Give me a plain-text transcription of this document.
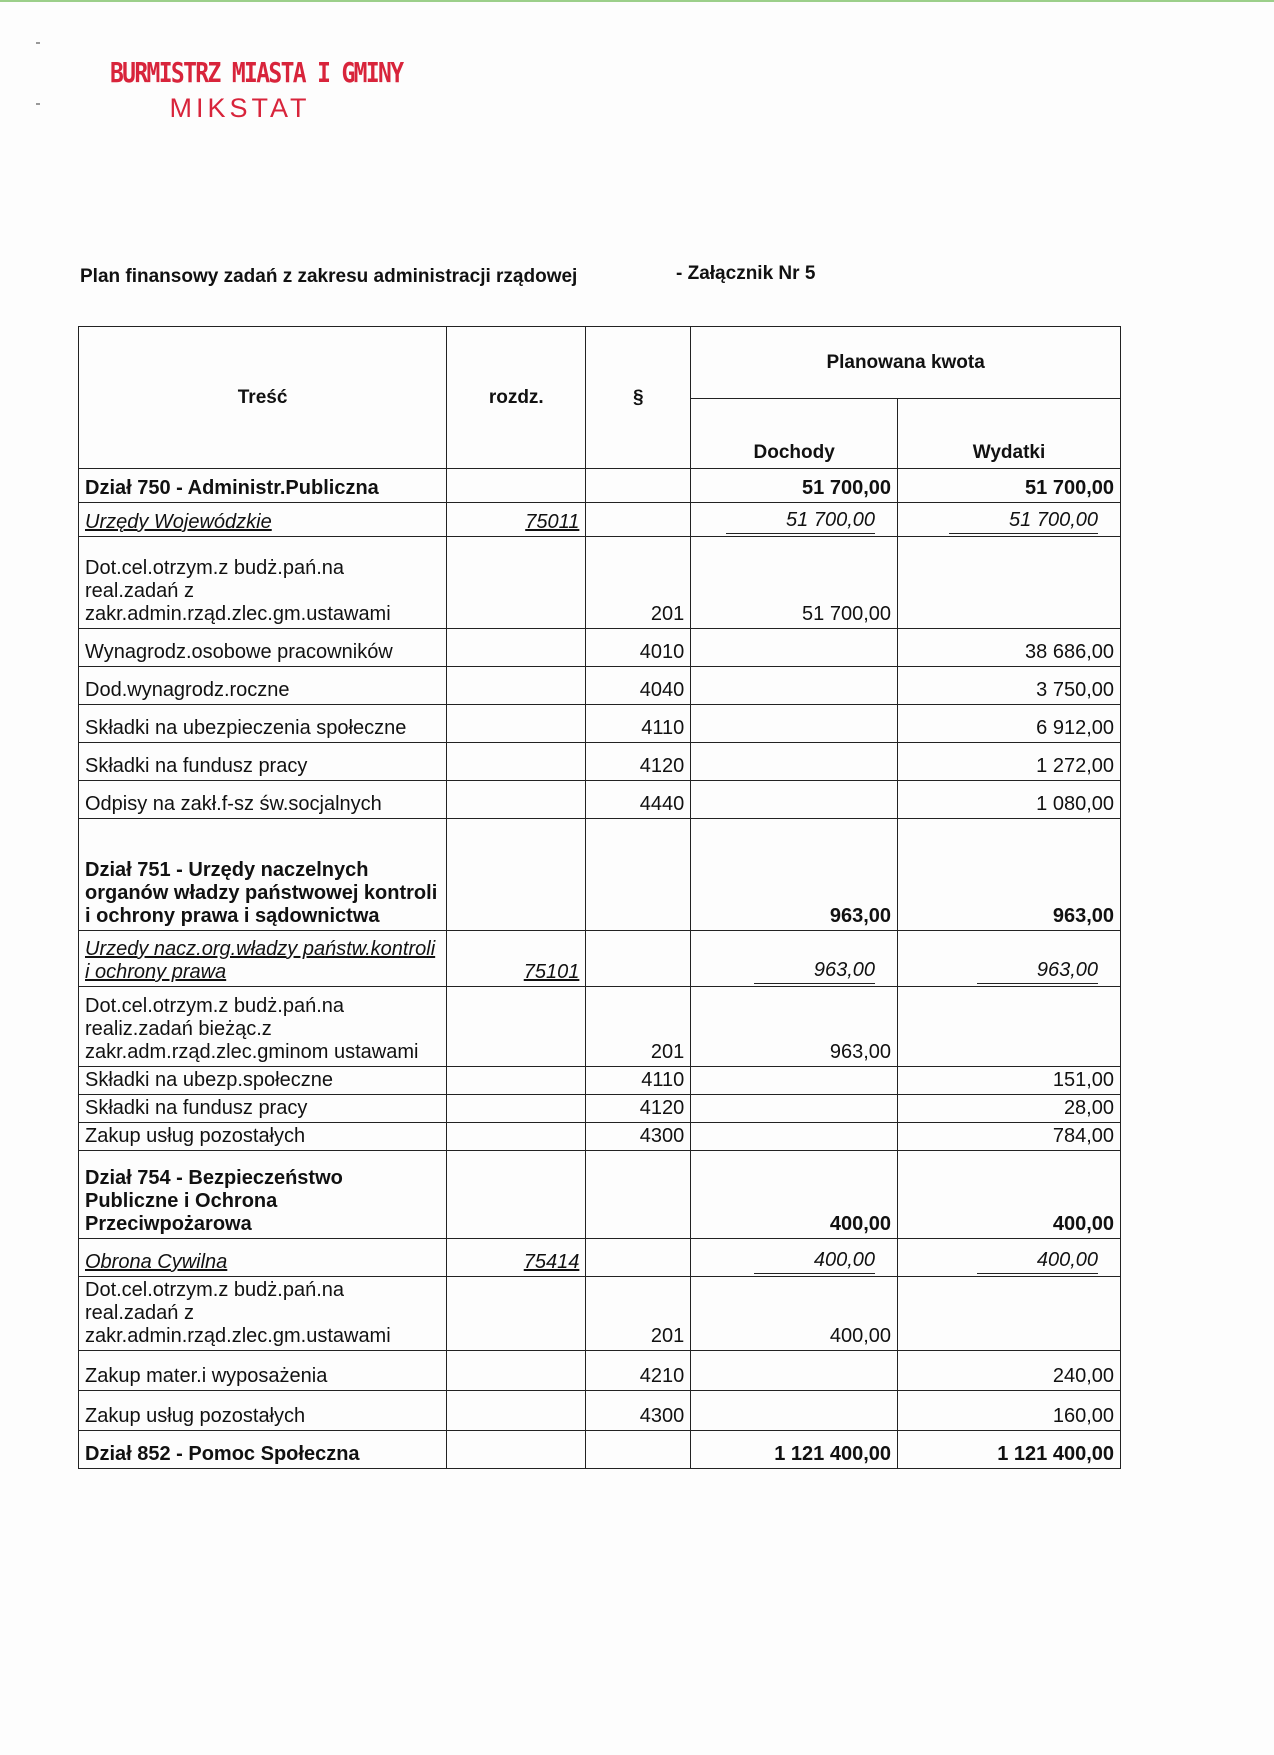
BURMISTRZ MIASTA I GMINY
MIKSTAT
Plan finansowy zadań z zakresu administracji rządowej	- Załącznik Nr 5
Treść	rozdz.	§	Planowana kwota	
			Dochody	Wydatki
Dział 750 - Administr.Publiczna			51 700,00	51 700,00
Urzędy Wojewódzkie	75011		51 700,00	51 700,00
Dot.cel.otrzym.z budż.pań.na real.zadań z zakr.admin.rząd.zlec.gm.ustawami		201	51 700,00	
Wynagrodz.osobowe pracowników		4010		38 686,00
Dod.wynagrodz.roczne		4040		3 750,00
Składki na ubezpieczenia społeczne		4110		6 912,00
Składki na fundusz pracy		4120		1 272,00
Odpisy na zakł.f-sz św.socjalnych		4440		1 080,00
Dział 751 - Urzędy naczelnych organów władzy państwowej kontroli i ochrony prawa i sądownictwa			963,00	963,00
Urzedy nacz.org.władzy państw.kontroli i ochrony prawa	75101		963,00	963,00
Dot.cel.otrzym.z budż.pań.na realiz.zadań bieżąc.z zakr.adm.rząd.zlec.gminom ustawami		201	963,00	
Składki na ubezp.społeczne		4110		151,00
Składki na fundusz pracy		4120		28,00
Zakup usług pozostałych		4300		784,00
Dział 754 - Bezpieczeństwo Publiczne i Ochrona Przeciwpożarowa			400,00	400,00
Obrona Cywilna	75414		400,00	400,00
Dot.cel.otrzym.z budż.pań.na real.zadań z zakr.admin.rząd.zlec.gm.ustawami		201	400,00	
Zakup mater.i wyposażenia		4210		240,00
Zakup usług pozostałych		4300		160,00
Dział 852 - Pomoc Społeczna			1 121 400,00	1 121 400,00
